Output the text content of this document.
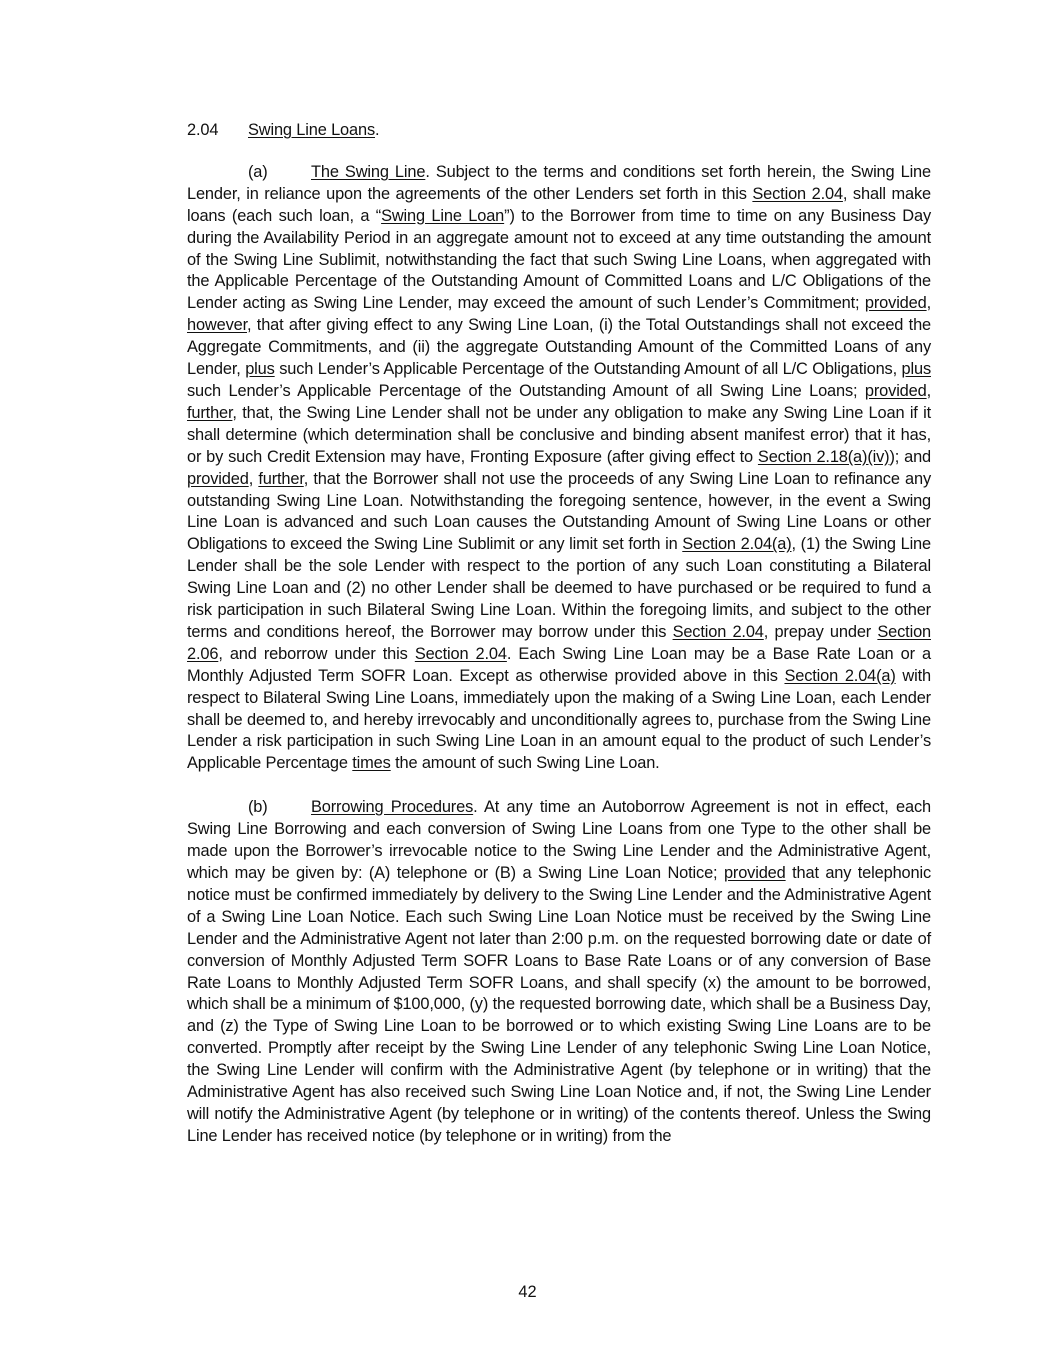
2.04 Swing Line Loans.

(a)	The Swing Line. Subject to the terms and conditions set forth herein, the Swing Line Lender, in reliance upon the agreements of the other Lenders set forth in this Section 2.04, shall make loans (each such loan, a “Swing Line Loan”) to the Borrower from time to time on any Business Day during the Availability Period in an aggregate amount not to exceed at any time outstanding the amount of the Swing Line Sublimit, notwithstanding the fact that such Swing Line Loans, when aggregated with the Applicable Percentage of the Outstanding Amount of Committed Loans and L/C Obligations of the Lender acting as Swing Line Lender, may exceed the amount of such Lender’s Commitment; provided, however, that after giving effect to any Swing Line Loan, (i) the Total Outstandings shall not exceed the Aggregate Commitments, and (ii) the aggregate Outstanding Amount of the Committed Loans of any Lender, plus such Lender’s Applicable Percentage of the Outstanding Amount of all L/C Obligations, plus such Lender’s Applicable Percentage of the Outstanding Amount of all Swing Line Loans; provided, further, that, the Swing Line Lender shall not be under any obligation to make any Swing Line Loan if it shall determine (which determination shall be conclusive and binding absent manifest error) that it has, or by such Credit Extension may have, Fronting Exposure (after giving effect to Section 2.18(a)(iv)); and provided, further, that the Borrower shall not use the proceeds of any Swing Line Loan to refinance any outstanding Swing Line Loan. Notwithstanding the foregoing sentence, however, in the event a Swing Line Loan is advanced and such Loan causes the Outstanding Amount of Swing Line Loans or other Obligations to exceed the Swing Line Sublimit or any limit set forth in Section 2.04(a), (1) the Swing Line Lender shall be the sole Lender with respect to the portion of any such Loan constituting a Bilateral Swing Line Loan and (2) no other Lender shall be deemed to have purchased or be required to fund a risk participation in such Bilateral Swing Line Loan. Within the foregoing limits, and subject to the other terms and conditions hereof, the Borrower may borrow under this Section 2.04, prepay under Section 2.06, and reborrow under this Section 2.04. Each Swing Line Loan may be a Base Rate Loan or a Monthly Adjusted Term SOFR Loan. Except as otherwise provided above in this Section 2.04(a) with respect to Bilateral Swing Line Loans, immediately upon the making of a Swing Line Loan, each Lender shall be deemed to, and hereby irrevocably and unconditionally agrees to, purchase from the Swing Line Lender a risk participation in such Swing Line Loan in an amount equal to the product of such Lender’s Applicable Percentage times the amount of such Swing Line Loan.

(b)	Borrowing Procedures. At any time an Autoborrow Agreement is not in effect, each Swing Line Borrowing and each conversion of Swing Line Loans from one Type to the other shall be made upon the Borrower’s irrevocable notice to the Swing Line Lender and the Administrative Agent, which may be given by: (A) telephone or (B) a Swing Line Loan Notice; provided that any telephonic notice must be confirmed immediately by delivery to the Swing Line Lender and the Administrative Agent of a Swing Line Loan Notice. Each such Swing Line Loan Notice must be received by the Swing Line Lender and the Administrative Agent not later than 2:00 p.m. on the requested borrowing date or date of conversion of Monthly Adjusted Term SOFR Loans to Base Rate Loans or of any conversion of Base Rate Loans to Monthly Adjusted Term SOFR Loans, and shall specify (x) the amount to be borrowed, which shall be a minimum of $100,000, (y) the requested borrowing date, which shall be a Business Day, and (z) the Type of Swing Line Loan to be borrowed or to which existing Swing Line Loans are to be converted. Promptly after receipt by the Swing Line Lender of any telephonic Swing Line Loan Notice, the Swing Line Lender will confirm with the Administrative Agent (by telephone or in writing) that the Administrative Agent has also received such Swing Line Loan Notice and, if not, the Swing Line Lender will notify the Administrative Agent (by telephone or in writing) of the contents thereof. Unless the Swing Line Lender has received notice (by telephone or in writing) from the

42
